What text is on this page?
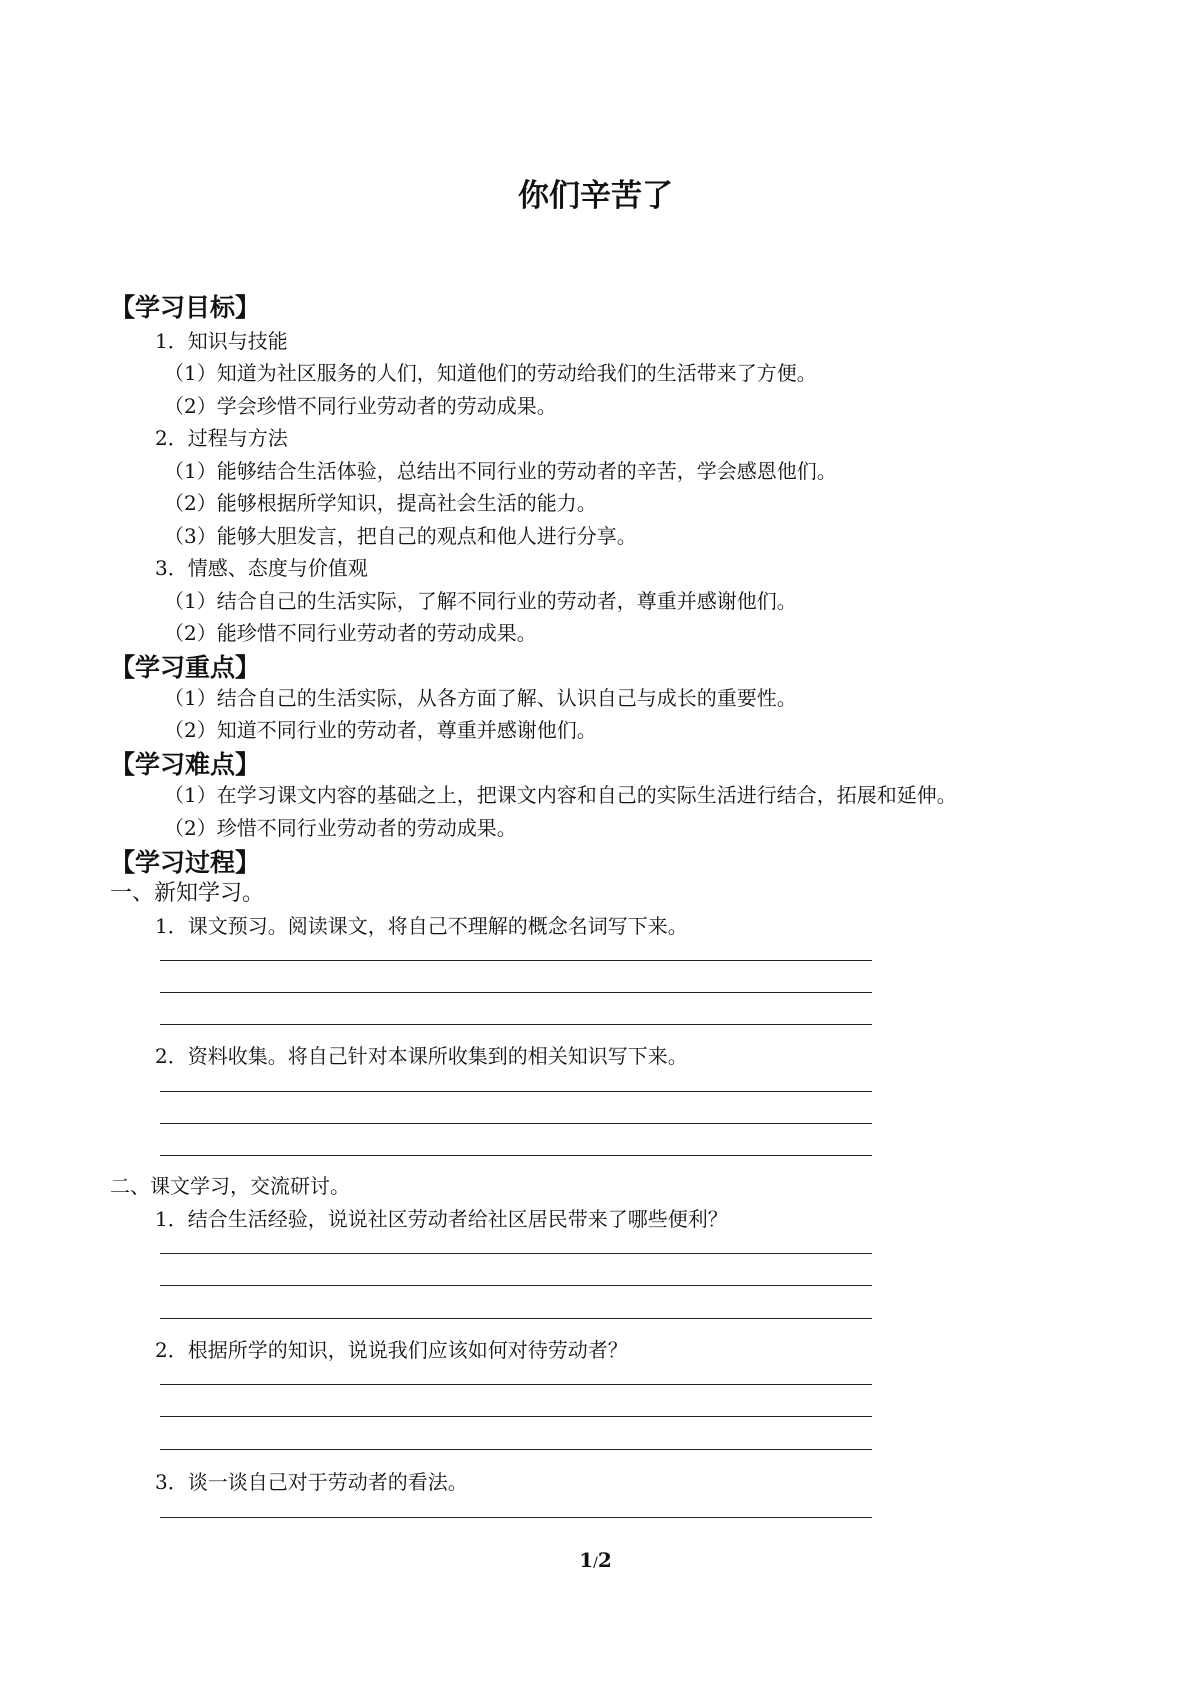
你们辛苦了
【学习目标】
1．知识与技能
（1）知道为社区服务的人们，知道他们的劳动给我们的生活带来了方便。
（2）学会珍惜不同行业劳动者的劳动成果。
2．过程与方法
（1）能够结合生活体验，总结出不同行业的劳动者的辛苦，学会感恩他们。
（2）能够根据所学知识，提高社会生活的能力。
（3）能够大胆发言，把自己的观点和他人进行分享。
3．情感、态度与价值观
（1）结合自己的生活实际，了解不同行业的劳动者，尊重并感谢他们。
（2）能珍惜不同行业劳动者的劳动成果。
【学习重点】
（1）结合自己的生活实际，从各方面了解、认识自己与成长的重要性。
（2）知道不同行业的劳动者，尊重并感谢他们。
【学习难点】
（1）在学习课文内容的基础之上，把课文内容和自己的实际生活进行结合，拓展和延伸。
（2）珍惜不同行业劳动者的劳动成果。
【学习过程】
一、新知学习。
1．课文预习。阅读课文，将自己不理解的概念名词写下来。
2．资料收集。将自己针对本课所收集到的相关知识写下来。
二、课文学习，交流研讨。
1．结合生活经验，说说社区劳动者给社区居民带来了哪些便利？
2．根据所学的知识，说说我们应该如何对待劳动者？
3．谈一谈自己对于劳动者的看法。
1/2
